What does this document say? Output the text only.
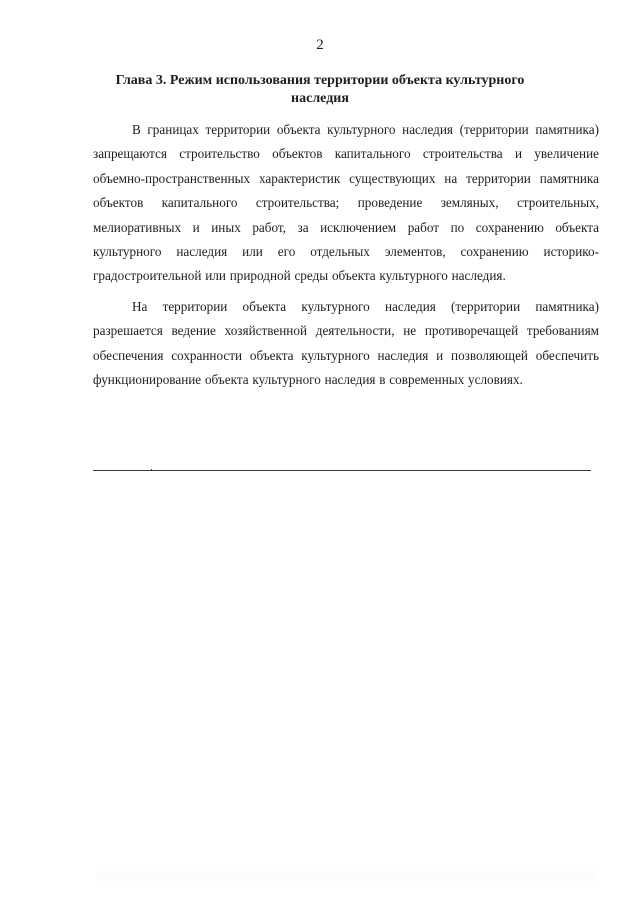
2
Глава 3. Режим использования территории объекта культурного наследия

В границах территории объекта культурного наследия (территории памятника) запрещаются строительство объектов капитального строительства и увеличение объемно-пространственных характеристик существующих на территории памятника объектов капитального строительства; проведение земляных, строительных, мелиоративных и иных работ, за исключением работ по сохранению объекта культурного наследия или его отдельных элементов, сохранению историко-градостроительной или природной среды объекта культурного наследия.

На территории объекта культурного наследия (территории памятника) разрешается ведение хозяйственной деятельности, не противоречащей требованиям обеспечения сохранности объекта культурного наследия и позволяющей обеспечить функционирование объекта культурного наследия в современных условиях.
